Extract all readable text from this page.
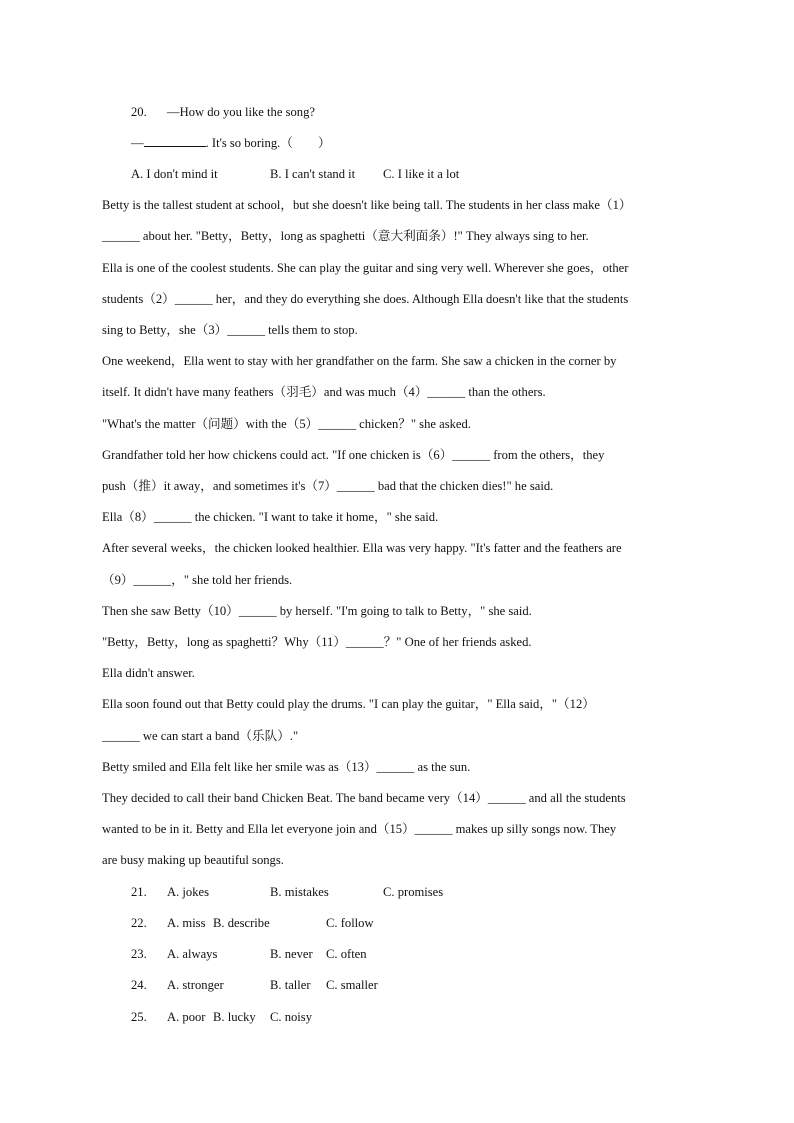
20. —How do you like the song?
—	. It's so boring.（　　）
A. I don't mind it	B. I can't stand it C. I like it a lot
Betty is the tallest student at school，but she doesn't like being tall. The students in her class make（1）
______ about her. "Betty，Betty，long as spaghetti（意大利面条）!" They always sing to her.
Ella is one of the coolest students. She can play the guitar and sing very well. Wherever she goes，other
students（2）______ her，and they do everything she does. Although Ella doesn't like that the students
sing to Betty，she（3）______ tells them to stop.
One weekend，Ella went to stay with her grandfather on the farm. She saw a chicken in the corner by
itself. It didn't have many feathers（羽毛）and was much（4）______ than the others.
"What's the matter（问题）with the（5）______ chicken？" she asked.
Grandfather told her how chickens could act. "If one chicken is（6）______ from the others，they
push（推）it away，and sometimes it's（7）______ bad that the chicken dies!" he said.
Ella（8）______ the chicken. "I want to take it home，" she said.
After several weeks，the chicken looked healthier. Ella was very happy. "It's fatter and the feathers are
（9）______，" she told her friends.
Then she saw Betty（10）______ by herself. "I'm going to talk to Betty，" she said.
"Betty，Betty，long as spaghetti？Why（11）______？" One of her friends asked.
Ella didn't answer.
Ella soon found out that Betty could play the drums. "I can play the guitar，" Ella said，"（12）
______ we can start a band（乐队）."
Betty smiled and Ella felt like her smile was as（13）______ as the sun.
They decided to call their band Chicken Beat. The band became very（14）______ and all the students
wanted to be in it. Betty and Ella let everyone join and（15）______ makes up silly songs now. They
are busy making up beautiful songs.
21. A. jokes	B. mistakes	C. promises
22. A. miss B. describe	C. follow
23. A. always	B. never C. often
24. A. stronger	B. taller C. smaller
25. A. poor B. lucky C. noisy
